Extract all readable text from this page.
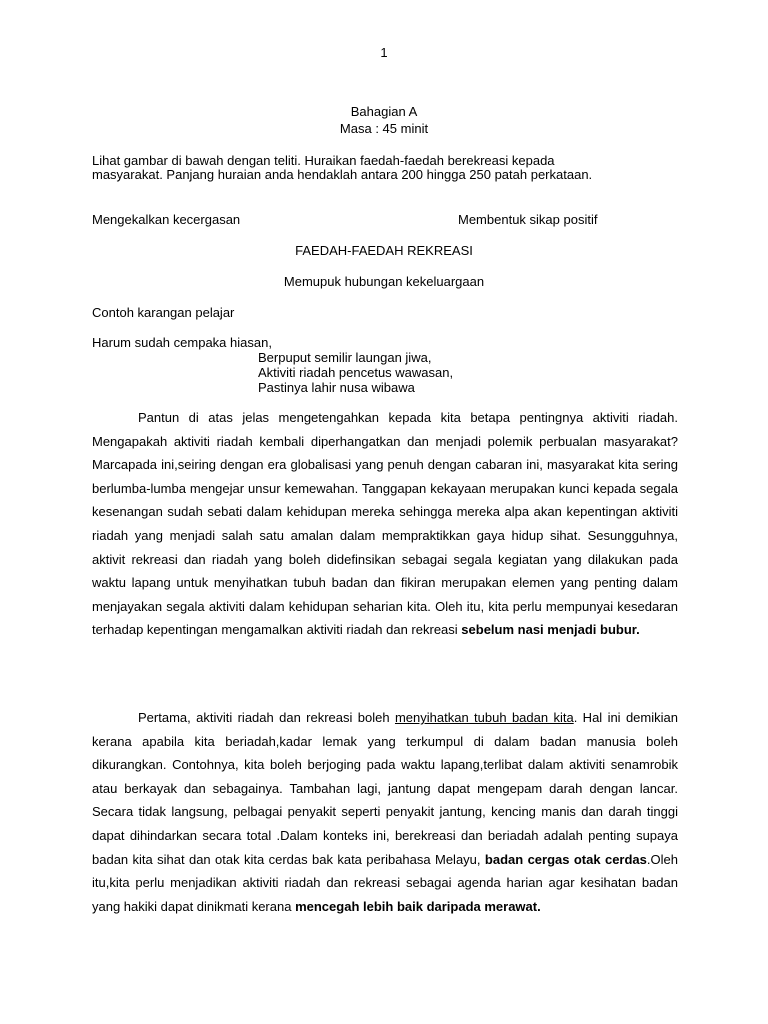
1
Bahagian A
Masa : 45 minit
Lihat gambar di bawah dengan teliti. Huraikan faedah-faedah berekreasi kepada
masyarakat. Panjang huraian anda hendaklah antara 200 hingga 250 patah perkataan.
Mengekalkan kecergasan	Membentuk sikap positif
FAEDAH-FAEDAH REKREASI
Memupuk hubungan kekeluargaan
Contoh karangan pelajar
Harum sudah cempaka hiasan,
Berpuput semilir laungan jiwa,
Aktiviti riadah pencetus wawasan,
Pastinya lahir nusa wibawa
Pantun di atas jelas mengetengahkan kepada kita betapa pentingnya aktiviti riadah. Mengapakah aktiviti riadah kembali diperhangatkan dan menjadi polemik perbualan masyarakat? Marcapada ini,seiring dengan era globalisasi yang penuh dengan cabaran ini, masyarakat kita sering berlumba-lumba mengejar unsur kemewahan. Tanggapan kekayaan merupakan kunci kepada segala kesenangan sudah sebati dalam kehidupan mereka sehingga mereka alpa akan kepentingan aktiviti riadah yang menjadi salah satu amalan dalam mempraktikkan gaya hidup sihat. Sesungguhnya, aktivit rekreasi dan riadah yang boleh didefinsikan sebagai segala kegiatan yang dilakukan pada waktu lapang untuk menyihatkan tubuh badan dan fikiran merupakan elemen yang penting dalam menjayakan segala aktiviti dalam kehidupan seharian kita. Oleh itu, kita perlu mempunyai kesedaran terhadap kepentingan mengamalkan aktiviti riadah dan rekreasi sebelum nasi menjadi bubur.
Pertama, aktiviti riadah dan rekreasi boleh menyihatkan tubuh badan kita. Hal ini demikian kerana apabila kita beriadah,kadar lemak yang terkumpul di dalam badan manusia boleh dikurangkan. Contohnya, kita boleh berjoging pada waktu lapang,terlibat dalam aktiviti senamrobik atau berkayak dan sebagainya. Tambahan lagi, jantung dapat mengepam darah dengan lancar. Secara tidak langsung, pelbagai penyakit seperti penyakit jantung, kencing manis dan darah tinggi dapat dihindarkan secara total .Dalam konteks ini, berekreasi dan beriadah adalah penting supaya badan kita sihat dan otak kita cerdas bak kata peribahasa Melayu, badan cergas otak cerdas.Oleh itu,kita perlu menjadikan aktiviti riadah dan rekreasi sebagai agenda harian agar kesihatan badan yang hakiki dapat dinikmati kerana mencegah lebih baik daripada merawat.
